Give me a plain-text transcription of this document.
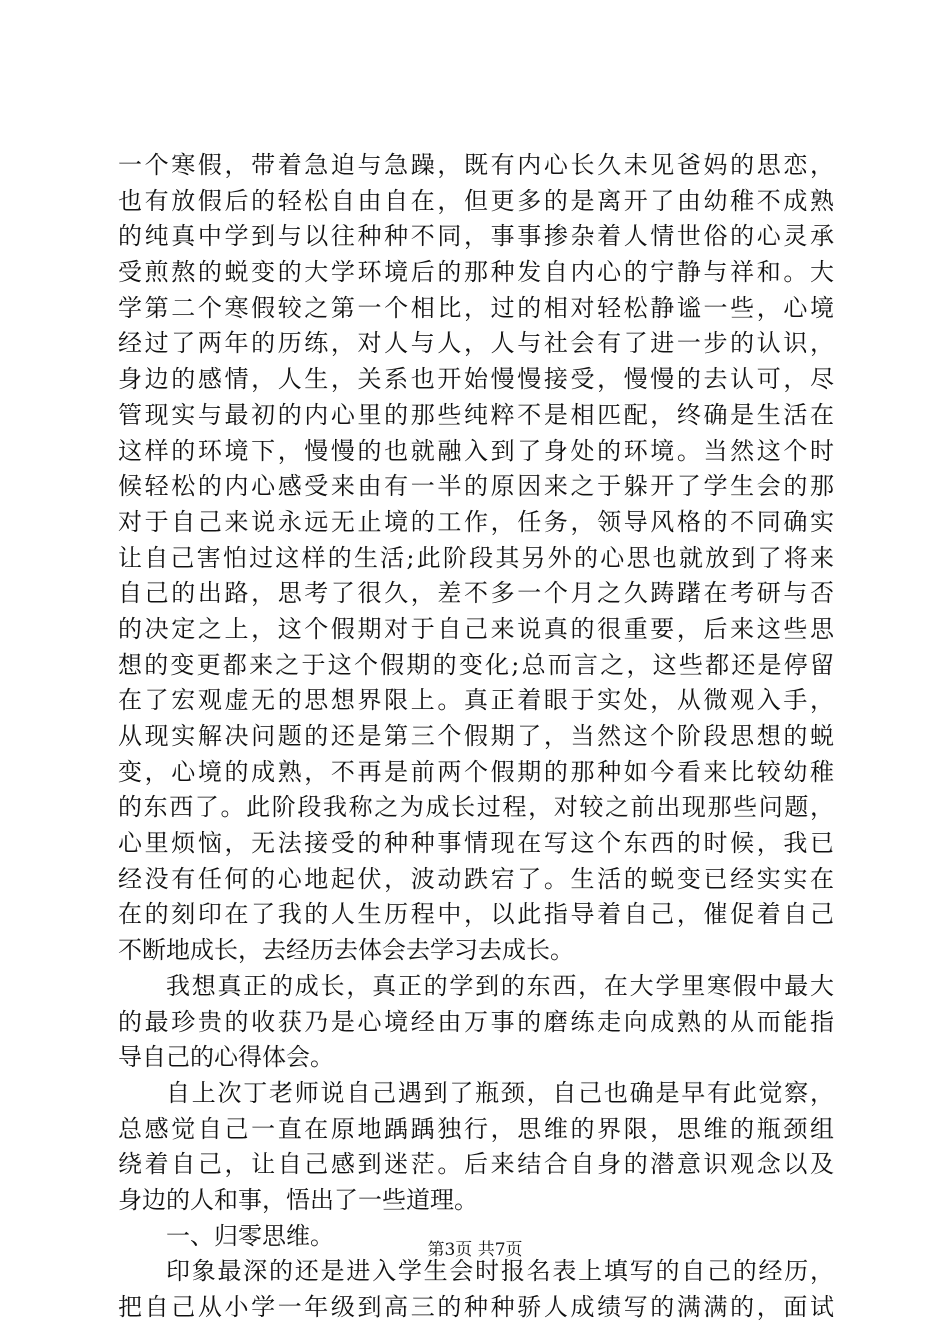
一个寒假，带着急迫与急躁，既有内心长久未见爸妈的思恋，
也有放假后的轻松自由自在，但更多的是离开了由幼稚不成熟
的纯真中学到与以往种种不同，事事掺杂着人情世俗的心灵承
受煎熬的蜕变的大学环境后的那种发自内心的宁静与祥和。大
学第二个寒假较之第一个相比，过的相对轻松静谧一些，心境
经过了两年的历练，对人与人，人与社会有了进一步的认识，
身边的感情，人生，关系也开始慢慢接受，慢慢的去认可，尽
管现实与最初的内心里的那些纯粹不是相匹配，终确是生活在
这样的环境下，慢慢的也就融入到了身处的环境。当然这个时
候轻松的内心感受来由有一半的原因来之于躲开了学生会的那
对于自己来说永远无止境的工作，任务，领导风格的不同确实
让自己害怕过这样的生活;此阶段其另外的心思也就放到了将来
自己的出路，思考了很久，差不多一个月之久踌躇在考研与否
的决定之上，这个假期对于自己来说真的很重要，后来这些思
想的变更都来之于这个假期的变化;总而言之，这些都还是停留
在了宏观虚无的思想界限上。真正着眼于实处，从微观入手，
从现实解决问题的还是第三个假期了，当然这个阶段思想的蜕
变，心境的成熟，不再是前两个假期的那种如今看来比较幼稚
的东西了。此阶段我称之为成长过程，对较之前出现那些问题，
心里烦恼，无法接受的种种事情现在写这个东西的时候，我已
经没有任何的心地起伏，波动跌宕了。生活的蜕变已经实实在
在的刻印在了我的人生历程中，以此指导着自己，催促着自己
不断地成长，去经历去体会去学习去成长。
我想真正的成长，真正的学到的东西，在大学里寒假中最大
的最珍贵的收获乃是心境经由万事的磨练走向成熟的从而能指
导自己的心得体会。
自上次丁老师说自己遇到了瓶颈，自己也确是早有此觉察，
总感觉自己一直在原地踽踽独行，思维的界限，思维的瓶颈组
绕着自己，让自己感到迷茫。后来结合自身的潜意识观念以及
身边的人和事，悟出了一些道理。
一、归零思维。
印象最深的还是进入学生会时报名表上填写的自己的经历，
把自己从小学一年级到高三的种种骄人成绩写的满满的，面试
第3页 共7页
